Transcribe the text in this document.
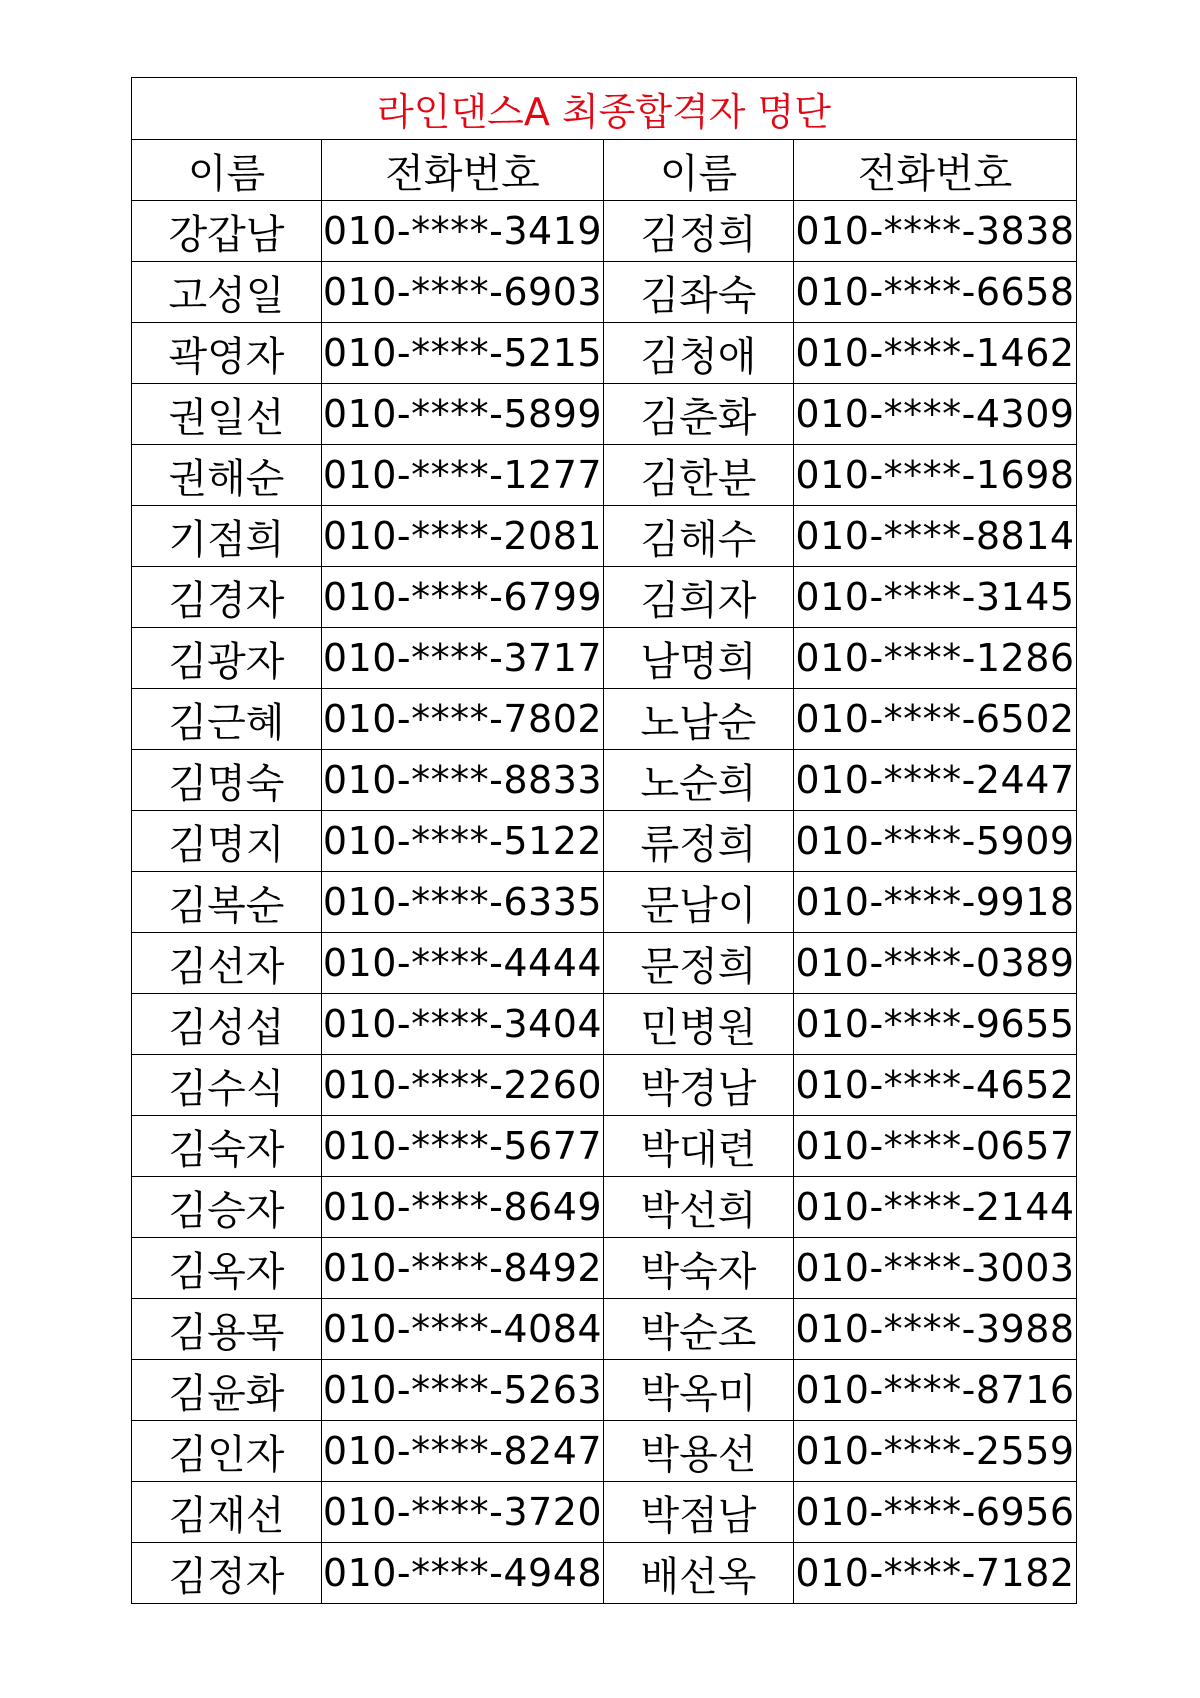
라인댄스A 최종합격자 명단			
이름	전화번호	이름	전화번호
강갑남	010-****-3419	김정희	010-****-3838
고성일	010-****-6903	김좌숙	010-****-6658
곽영자	010-****-5215	김청애	010-****-1462
권일선	010-****-5899	김춘화	010-****-4309
권해순	010-****-1277	김한분	010-****-1698
기점희	010-****-2081	김해수	010-****-8814
김경자	010-****-6799	김희자	010-****-3145
김광자	010-****-3717	남명희	010-****-1286
김근혜	010-****-7802	노남순	010-****-6502
김명숙	010-****-8833	노순희	010-****-2447
김명지	010-****-5122	류정희	010-****-5909
김복순	010-****-6335	문남이	010-****-9918
김선자	010-****-4444	문정희	010-****-0389
김성섭	010-****-3404	민병원	010-****-9655
김수식	010-****-2260	박경남	010-****-4652
김숙자	010-****-5677	박대련	010-****-0657
김승자	010-****-8649	박선희	010-****-2144
김옥자	010-****-8492	박숙자	010-****-3003
김용목	010-****-4084	박순조	010-****-3988
김윤화	010-****-5263	박옥미	010-****-8716
김인자	010-****-8247	박용선	010-****-2559
김재선	010-****-3720	박점남	010-****-6956
김정자	010-****-4948	배선옥	010-****-7182
